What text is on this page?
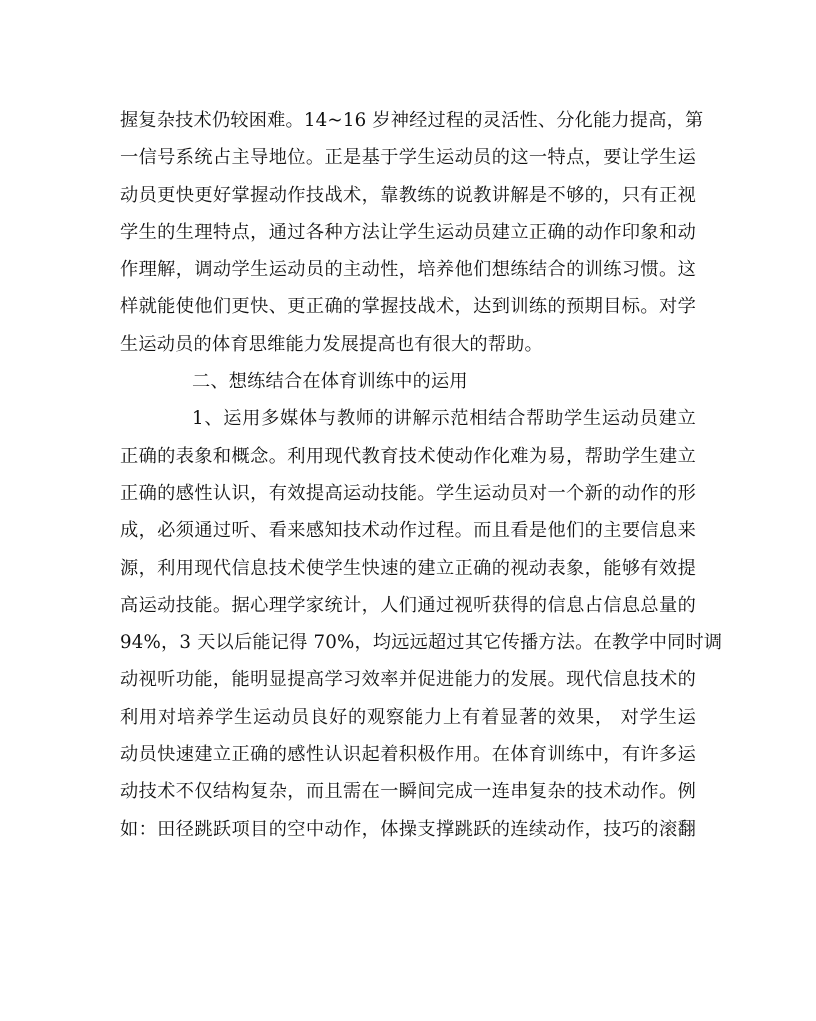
握复杂技术仍较困难。14~16 岁神经过程的灵活性、分化能力提高，第
一信号系统占主导地位。正是基于学生运动员的这一特点，要让学生运
动员更快更好掌握动作技战术，靠教练的说教讲解是不够的，只有正视
学生的生理特点，通过各种方法让学生运动员建立正确的动作印象和动
作理解，调动学生运动员的主动性，培养他们想练结合的训练习惯。这
样就能使他们更快、更正确的掌握技战术，达到训练的预期目标。对学
生运动员的体育思维能力发展提高也有很大的帮助。
二、想练结合在体育训练中的运用
1、运用多媒体与教师的讲解示范相结合帮助学生运动员建立
正确的表象和概念。利用现代教育技术使动作化难为易，帮助学生建立
正确的感性认识，有效提高运动技能。学生运动员对一个新的动作的形
成，必须通过听、看来感知技术动作过程。而且看是他们的主要信息来
源，利用现代信息技术使学生快速的建立正确的视动表象，能够有效提
高运动技能。据心理学家统计，人们通过视听获得的信息占信息总量的
94%，3 天以后能记得 70%，均远远超过其它传播方法。在教学中同时调
动视听功能，能明显提高学习效率并促进能力的发展。现代信息技术的
利用对培养学生运动员良好的观察能力上有着显著的效果， 对学生运
动员快速建立正确的感性认识起着积极作用。在体育训练中，有许多运
动技术不仅结构复杂，而且需在一瞬间完成一连串复杂的技术动作。例
如：田径跳跃项目的空中动作，体操支撑跳跃的连续动作，技巧的滚翻
